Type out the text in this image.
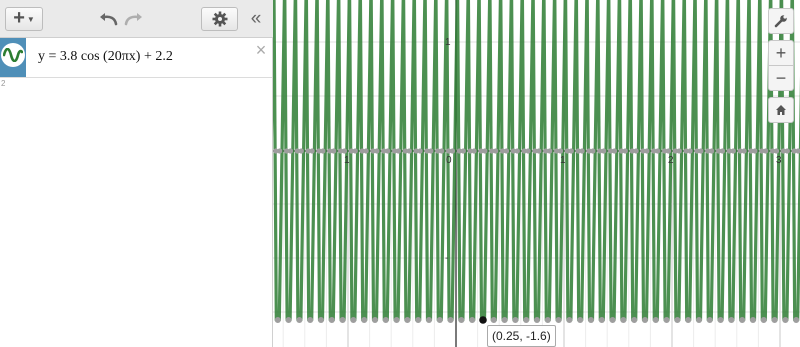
+ ▼	«
y = 3.8 cos (20πx) + 2.2	×
2
1	0	1	2	3
1
-
+
−
(0.25, -1.6)
